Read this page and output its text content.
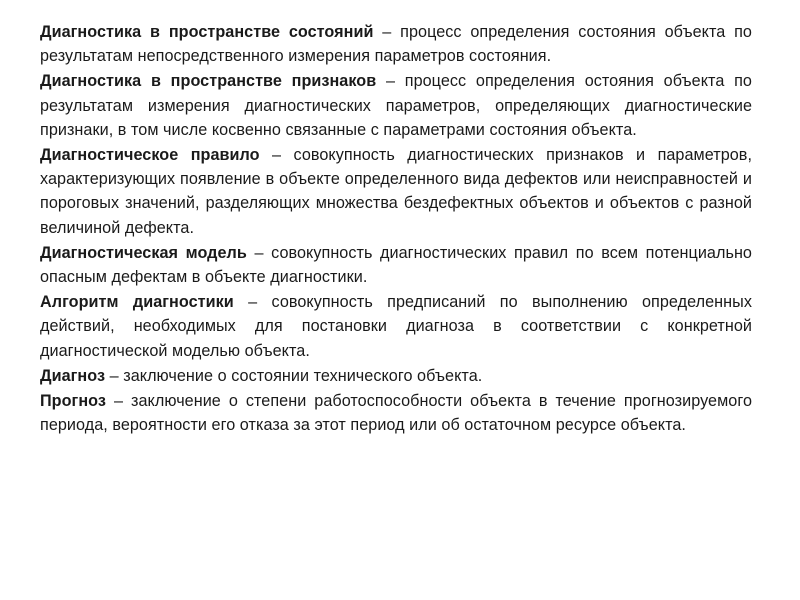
Диагностика в пространстве состояний – процесс определения состояния объекта по результатам непосредственного измерения параметров состояния.

Диагностика в пространстве признаков – процесс определения остояния объекта по результатам измерения диагностических параметров, определяющих диагностические признаки, в том числе косвенно связанные с параметрами состояния объекта.

Диагностическое правило – совокупность диагностических признаков и параметров, характеризующих появление в объекте определенного вида дефектов или неисправностей и пороговых значений, разделяющих множества бездефектных объектов и объектов с разной величиной дефекта.

Диагностическая модель – совокупность диагностических правил по всем потенциально опасным дефектам в объекте диагностики.

Алгоритм диагностики – совокупность предписаний по выполнению определенных действий, необходимых для постановки диагноза в соответствии с конкретной диагностической моделью объекта.

Диагноз – заключение о состоянии технического объекта.

Прогноз – заключение о степени работоспособности объекта в течение прогнозируемого периода, вероятности его отказа за этот период или об остаточном ресурсе объекта.
